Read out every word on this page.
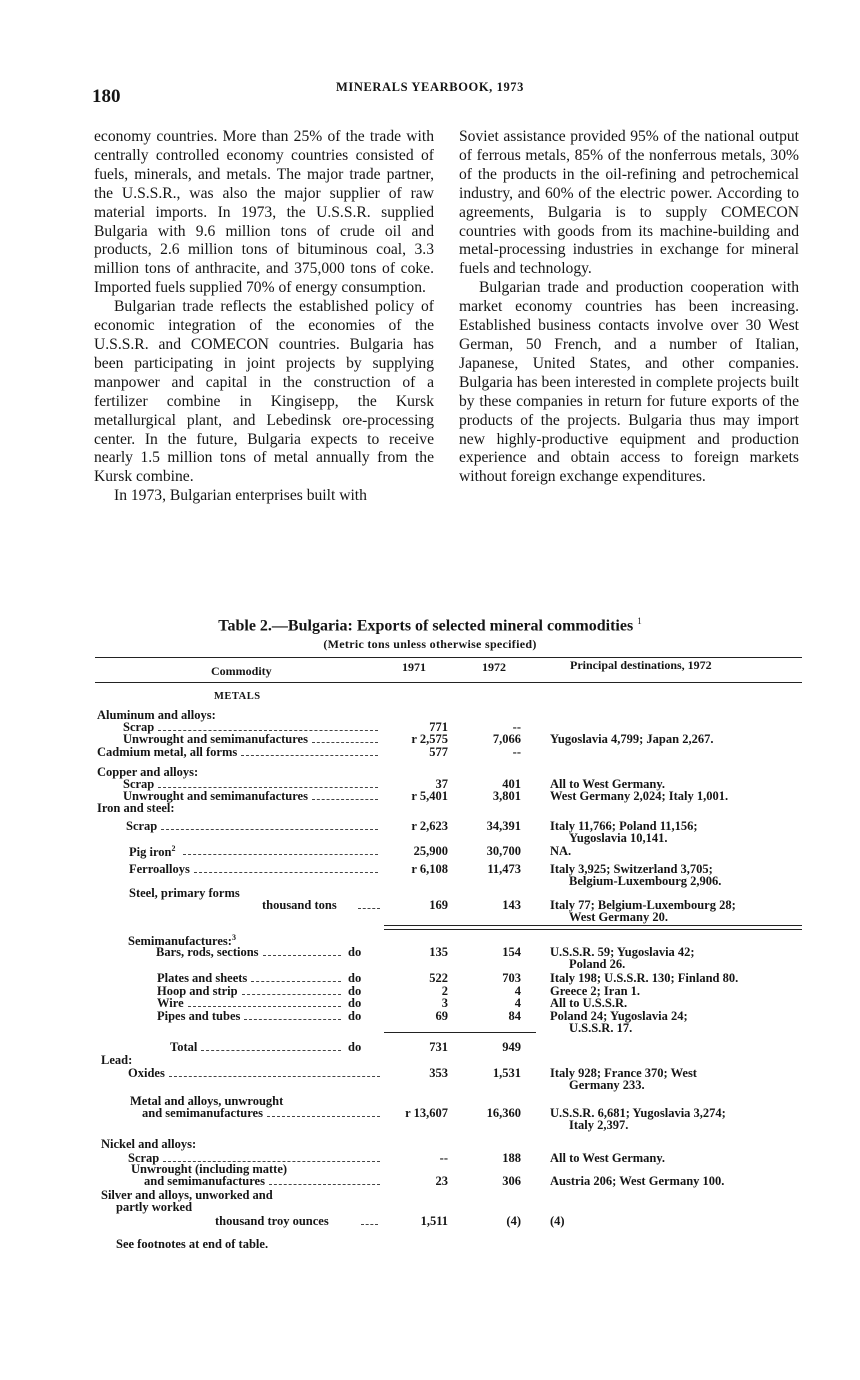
180	MINERALS YEARBOOK, 1973

economy countries. More than 25% of the trade with centrally controlled economy countries consisted of fuels, minerals, and metals. The major trade partner, the U.S.S.R., was also the major supplier of raw material imports. In 1973, the U.S.S.R. supplied Bulgaria with 9.6 million tons of crude oil and products, 2.6 million tons of bituminous coal, 3.3 million tons of anthracite, and 375,000 tons of coke. Imported fuels supplied 70% of energy consumption.

Bulgarian trade reflects the established policy of economic integration of the economies of the U.S.S.R. and COMECON countries. Bulgaria has been participating in joint projects by supplying manpower and capital in the construction of a fertilizer combine in Kingisepp, the Kursk metallurgical plant, and Lebedinsk ore-processing center. In the future, Bulgaria expects to receive nearly 1.5 million tons of metal annually from the Kursk combine.

In 1973, Bulgarian enterprises built with

Soviet assistance provided 95% of the national output of ferrous metals, 85% of the nonferrous metals, 30% of the products in the oil-refining and petrochemical industry, and 60% of the electric power. According to agreements, Bulgaria is to supply COMECON countries with goods from its machine-building and metal-processing industries in exchange for mineral fuels and technology.

Bulgarian trade and production cooperation with market economy countries has been increasing. Established business contacts involve over 30 West German, 50 French, and a number of Italian, Japanese, United States, and other companies. Bulgaria has been interested in complete projects built by these companies in return for future exports of the products of the projects. Bulgaria thus may import new highly-productive equipment and production experience and obtain access to foreign markets without foreign exchange expenditures.

Table 2.—Bulgaria: Exports of selected mineral commodities $^1$
(Metric tons unless otherwise specified)
Commodity	1971	1972	Principal destinations, 1972
METALS
Aluminum and alloys:
Scrap	771	--
Unwrought and semimanufactures	r 2,575	7,066 Yugoslavia 4,799; Japan 2,267.
Cadmium metal, all forms	577	--
Copper and alloys:
Scrap	37	401 All to West Germany.
Unwrought and semimanufactures	r 5,401	3,801 West Germany 2,024; Italy 1,001.
Iron and steel:
Scrap	r 2,623	34,391 Italy 11,766; Poland 11,156;
Yugoslavia 10,141.
Pig iron$^2$	25,900	30,700 NA.
Ferroalloys	r 6,108	11,473 Italy 3,925; Switzerland 3,705;
Belgium-Luxembourg 2,906.
Steel, primary forms
thousand tons	169	143 Italy 77; Belgium-Luxembourg 28;
West Germany 20.
Semimanufactures:$^3$
Bars, rods, sections	do	135	154 U.S.S.R. 59; Yugoslavia 42;
Poland 26.
Plates and sheets	do	522	703 Italy 198; U.S.S.R. 130; Finland 80.
Hoop and strip	do	2	4 Greece 2; Iran 1.
Wire	do	3	4 All to U.S.S.R.
Pipes and tubes	do	69	84 Poland 24; Yugoslavia 24;
U.S.S.R. 17.
Total	do	731	949
Lead:
Oxides	353	1,531 Italy 928; France 370; West
Germany 233.
Metal and alloys, unwrought
and semimanufactures	r 13,607	16,360 U.S.S.R. 6,681; Yugoslavia 3,274;
Italy 2,397.
Nickel and alloys:
Scrap	--	188 All to West Germany.
Unwrought (including matte)
and semimanufactures	23	306 Austria 206; West Germany 100.
Silver and alloys, unworked and
partly worked
thousand troy ounces	1,511	(4) (4)
See footnotes at end of table.
